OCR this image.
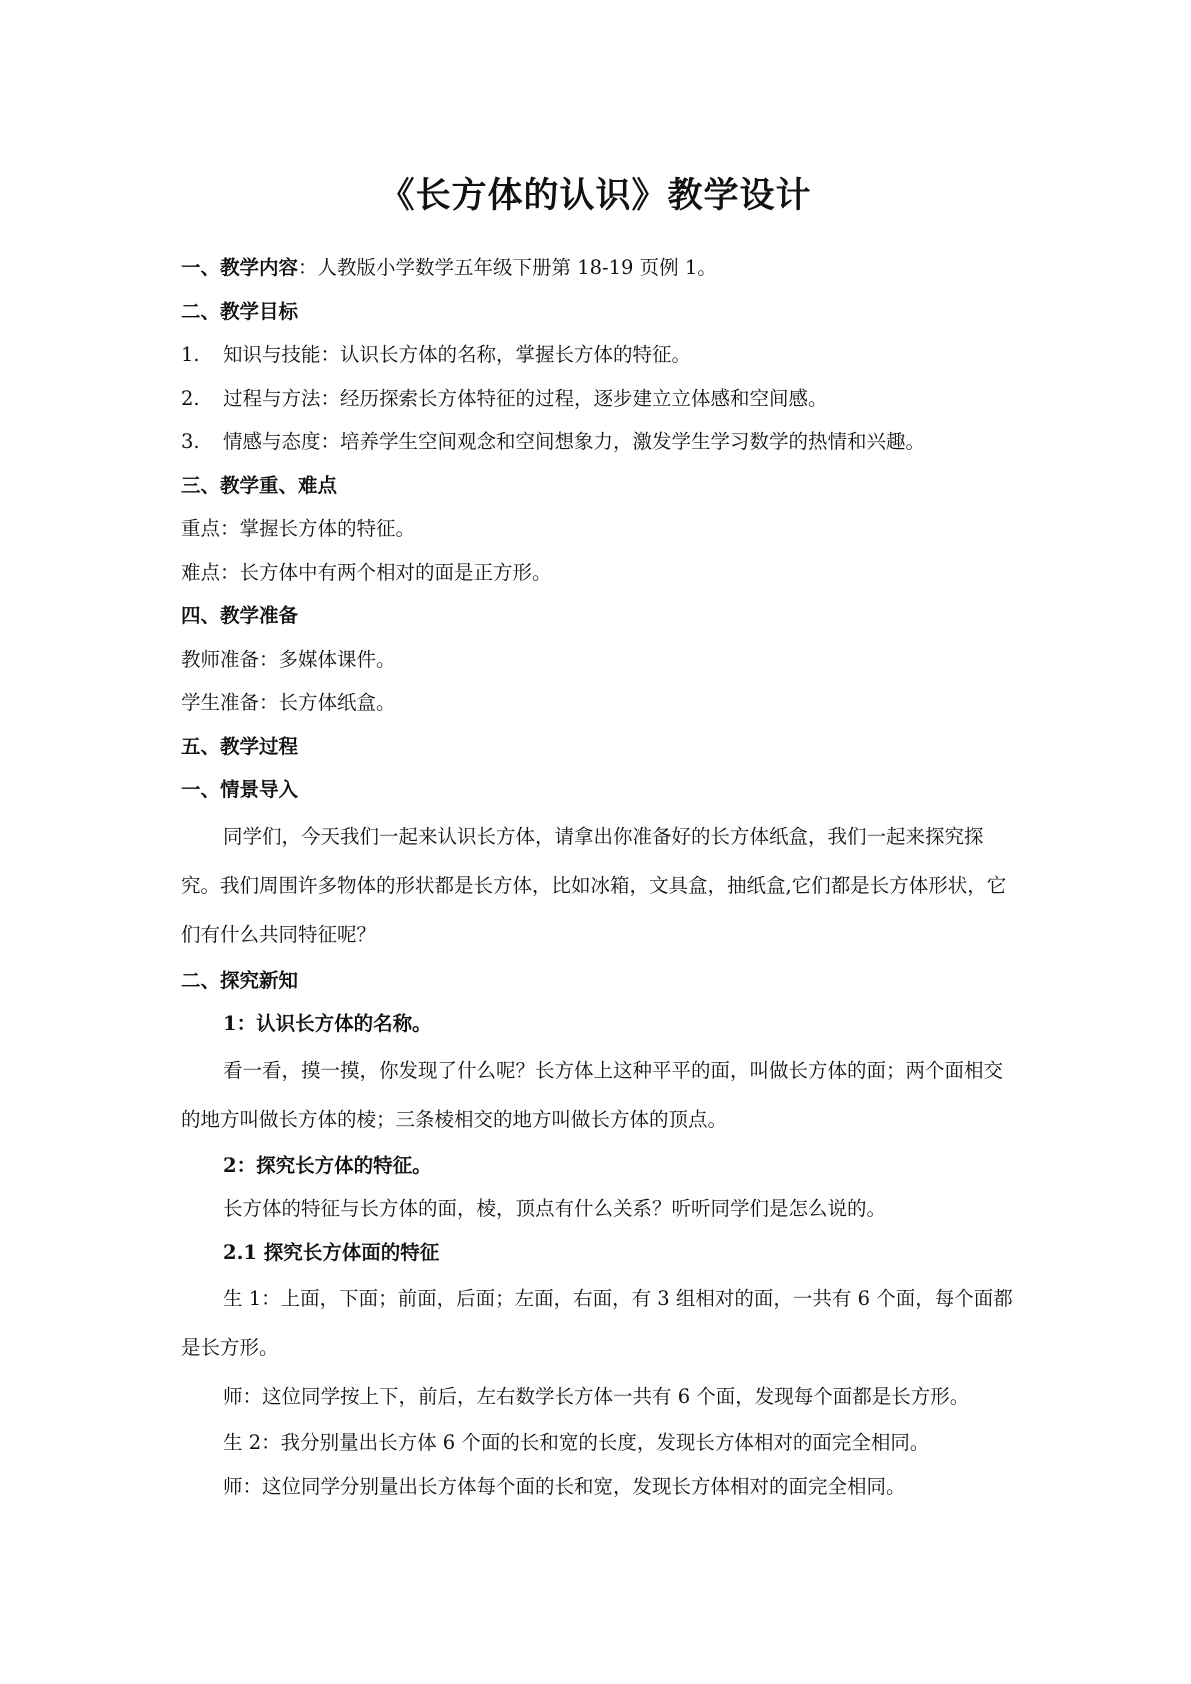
《长方体的认识》教学设计
一、教学内容：人教版小学数学五年级下册第 18-19 页例 1。
二、教学目标
1. 知识与技能：认识长方体的名称，掌握长方体的特征。
2. 过程与方法：经历探索长方体特征的过程，逐步建立立体感和空间感。
3. 情感与态度：培养学生空间观念和空间想象力，激发学生学习数学的热情和兴趣。
三、教学重、难点
重点：掌握长方体的特征。
难点：长方体中有两个相对的面是正方形。
四、教学准备
教师准备：多媒体课件。
学生准备：长方体纸盒。
五、教学过程
一、情景导入
同学们，今天我们一起来认识长方体，请拿出你准备好的长方体纸盒，我们一起来探究探究。我们周围许多物体的形状都是长方体，比如冰箱，文具盒，抽纸盒,它们都是长方体形状，它们有什么共同特征呢？
二、探究新知
1：认识长方体的名称。
看一看，摸一摸，你发现了什么呢？长方体上这种平平的面，叫做长方体的面；两个面相交的地方叫做长方体的棱；三条棱相交的地方叫做长方体的顶点。
2：探究长方体的特征。
长方体的特征与长方体的面，棱，顶点有什么关系？听听同学们是怎么说的。
2.1 探究长方体面的特征
生 1：上面，下面；前面，后面；左面，右面，有 3 组相对的面，一共有 6 个面，每个面都是长方形。
师：这位同学按上下，前后，左右数学长方体一共有 6 个面，发现每个面都是长方形。
生 2：我分别量出长方体 6 个面的长和宽的长度，发现长方体相对的面完全相同。
师：这位同学分别量出长方体每个面的长和宽，发现长方体相对的面完全相同。
